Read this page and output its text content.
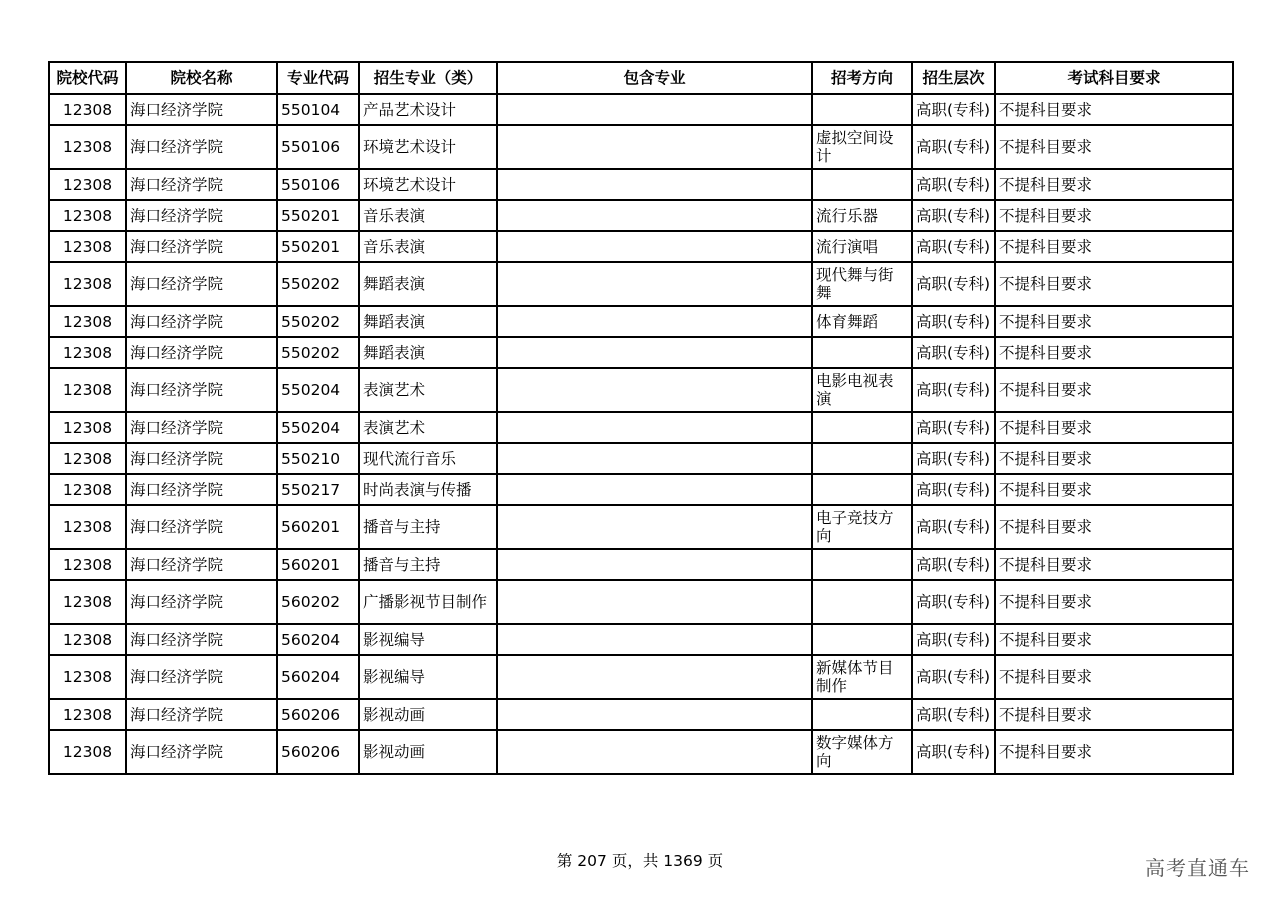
院校代码	院校名称	专业代码	招生专业（类）	包含专业	招考方向	招生层次	考试科目要求
12308	海口经济学院	550104	产品艺术设计			高职(专科)	不提科目要求
12308	海口经济学院	550106	环境艺术设计		虚拟空间设计	高职(专科)	不提科目要求
12308	海口经济学院	550106	环境艺术设计			高职(专科)	不提科目要求
12308	海口经济学院	550201	音乐表演		流行乐器	高职(专科)	不提科目要求
12308	海口经济学院	550201	音乐表演		流行演唱	高职(专科)	不提科目要求
12308	海口经济学院	550202	舞蹈表演		现代舞与街舞	高职(专科)	不提科目要求
12308	海口经济学院	550202	舞蹈表演		体育舞蹈	高职(专科)	不提科目要求
12308	海口经济学院	550202	舞蹈表演			高职(专科)	不提科目要求
12308	海口经济学院	550204	表演艺术		电影电视表演	高职(专科)	不提科目要求
12308	海口经济学院	550204	表演艺术			高职(专科)	不提科目要求
12308	海口经济学院	550210	现代流行音乐			高职(专科)	不提科目要求
12308	海口经济学院	550217	时尚表演与传播			高职(专科)	不提科目要求
12308	海口经济学院	560201	播音与主持		电子竞技方向	高职(专科)	不提科目要求
12308	海口经济学院	560201	播音与主持			高职(专科)	不提科目要求
12308	海口经济学院	560202	广播影视节目制作			高职(专科)	不提科目要求
12308	海口经济学院	560204	影视编导			高职(专科)	不提科目要求
12308	海口经济学院	560204	影视编导		新媒体节目制作	高职(专科)	不提科目要求
12308	海口经济学院	560206	影视动画			高职(专科)	不提科目要求
12308	海口经济学院	560206	影视动画		数字媒体方向	高职(专科)	不提科目要求
第 207 页，共 1369 页	高考直通车
